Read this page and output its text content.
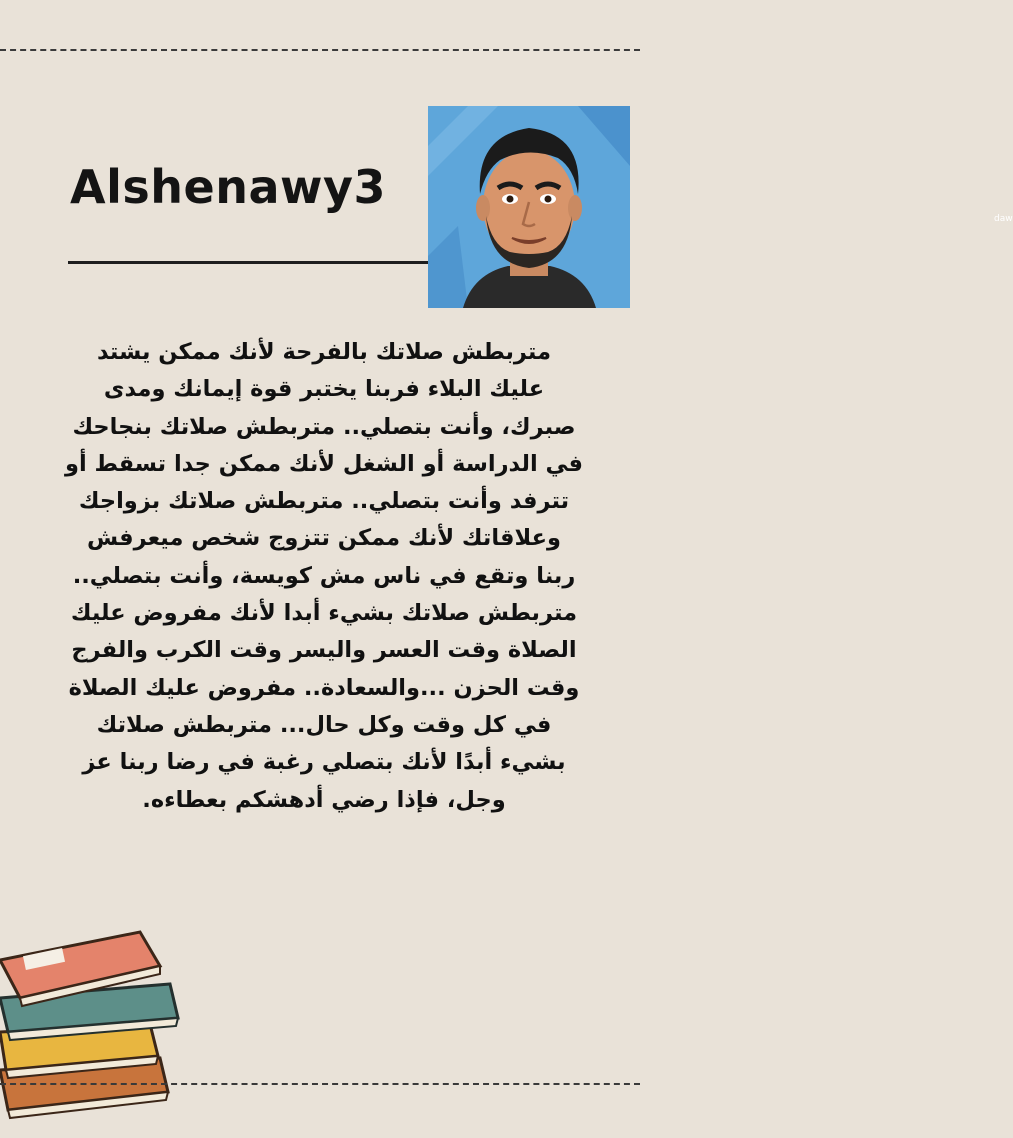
Alshenawy3
daw
متربطش صلاتك بالفرحة لأنك ممكن يشتد
عليك البلاء فربنا يختبر قوة إيمانك ومدى
صبرك، وأنت بتصلي.. متربطش صلاتك بنجاحك
في الدراسة أو الشغل لأنك ممكن جدا تسقط أو
تترفد وأنت بتصلي.. متربطش صلاتك بزواجك
وعلاقاتك لأنك ممكن تتزوج شخص ميعرفش
ربنا وتقع في ناس مش كويسة، وأنت بتصلي..
متربطش صلاتك بشيء أبدا لأنك مفروض عليك
الصلاة وقت العسر واليسر وقت الكرب والفرج
وقت الحزن ...والسعادة.. مفروض عليك الصلاة
في كل وقت وكل حال... متربطش صلاتك
بشيء أبدًا لأنك بتصلي رغبة في رضا ربنا عز
وجل، فإذا رضي أدهشكم بعطاءه.
